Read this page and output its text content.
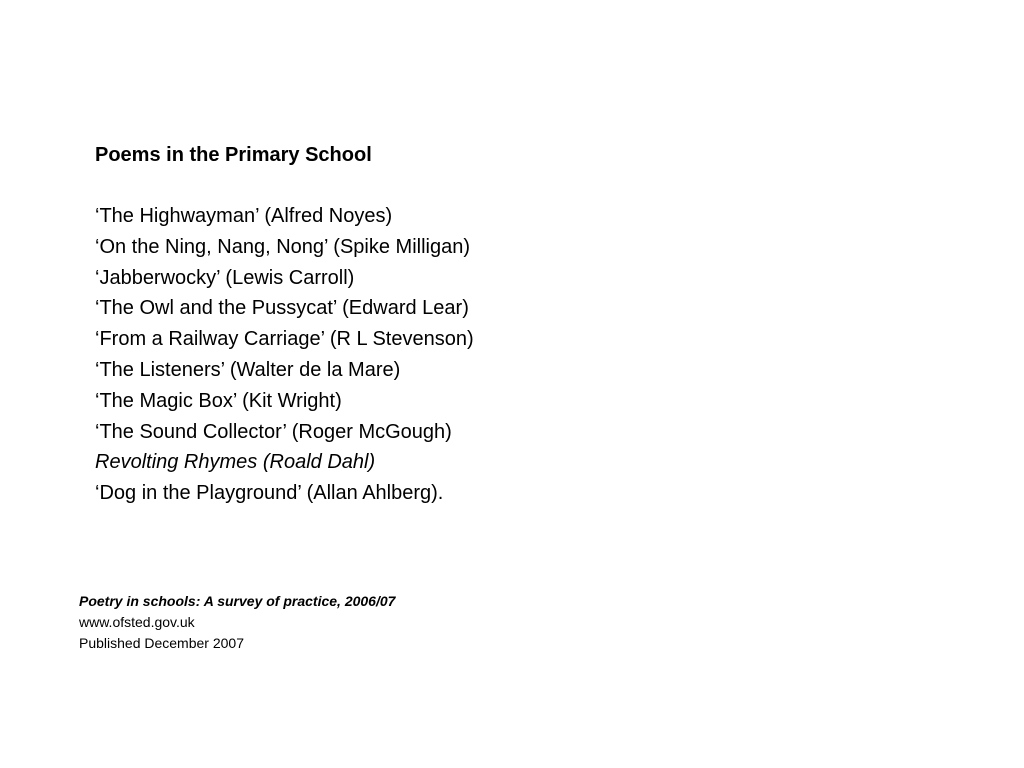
Poems in the Primary School

‘The Highwayman’ (Alfred Noyes)
‘On the Ning, Nang, Nong’ (Spike Milligan)
‘Jabberwocky’ (Lewis Carroll)
‘The Owl and the Pussycat’ (Edward Lear)
‘From a Railway Carriage’ (R L Stevenson)
‘The Listeners’ (Walter de la Mare)
‘The Magic Box’ (Kit Wright)
‘The Sound Collector’ (Roger McGough)
Revolting Rhymes (Roald Dahl)
‘Dog in the Playground’ (Allan Ahlberg).
Poetry in schools: A survey of practice, 2006/07
www.ofsted.gov.uk
Published December 2007
